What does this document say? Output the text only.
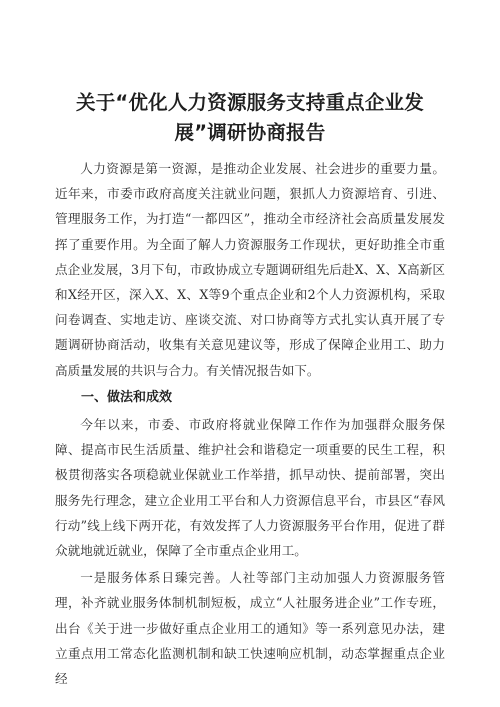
关于“优化人力资源服务支持重点企业发展”调研协商报告

人力资源是第一资源，是推动企业发展、社会进步的重要力量。近年来，市委市政府高度关注就业问题，狠抓人力资源培育、引进、管理服务工作，为打造“一都四区”，推动全市经济社会高质量发展发挥了重要作用。为全面了解人力资源服务工作现状，更好助推全市重点企业发展，3月下旬，市政协成立专题调研组先后赴X、X、X高新区和X经开区，深入X、X、X等9个重点企业和2个人力资源机构，采取问卷调查、实地走访、座谈交流、对口协商等方式扎实认真开展了专题调研协商活动，收集有关意见建议等，形成了保障企业用工、助力高质量发展的共识与合力。有关情况报告如下。

一、做法和成效

今年以来，市委、市政府将就业保障工作作为加强群众服务保障、提高市民生活质量、维护社会和谐稳定一项重要的民生工程，积极贯彻落实各项稳就业保就业工作举措，抓早动快、提前部署，突出服务先行理念，建立企业用工平台和人力资源信息平台，市县区“春风行动”线上线下两开花，有效发挥了人力资源服务平台作用，促进了群众就地就近就业，保障了全市重点企业用工。

一是服务体系日臻完善。人社等部门主动加强人力资源服务管理，补齐就业服务体制机制短板，成立“人社服务进企业”工作专班，出台《关于进一步做好重点企业用工的通知》等一系列意见办法，建立重点用工常态化监测机制和缺工快速响应机制，动态掌握重点企业经
